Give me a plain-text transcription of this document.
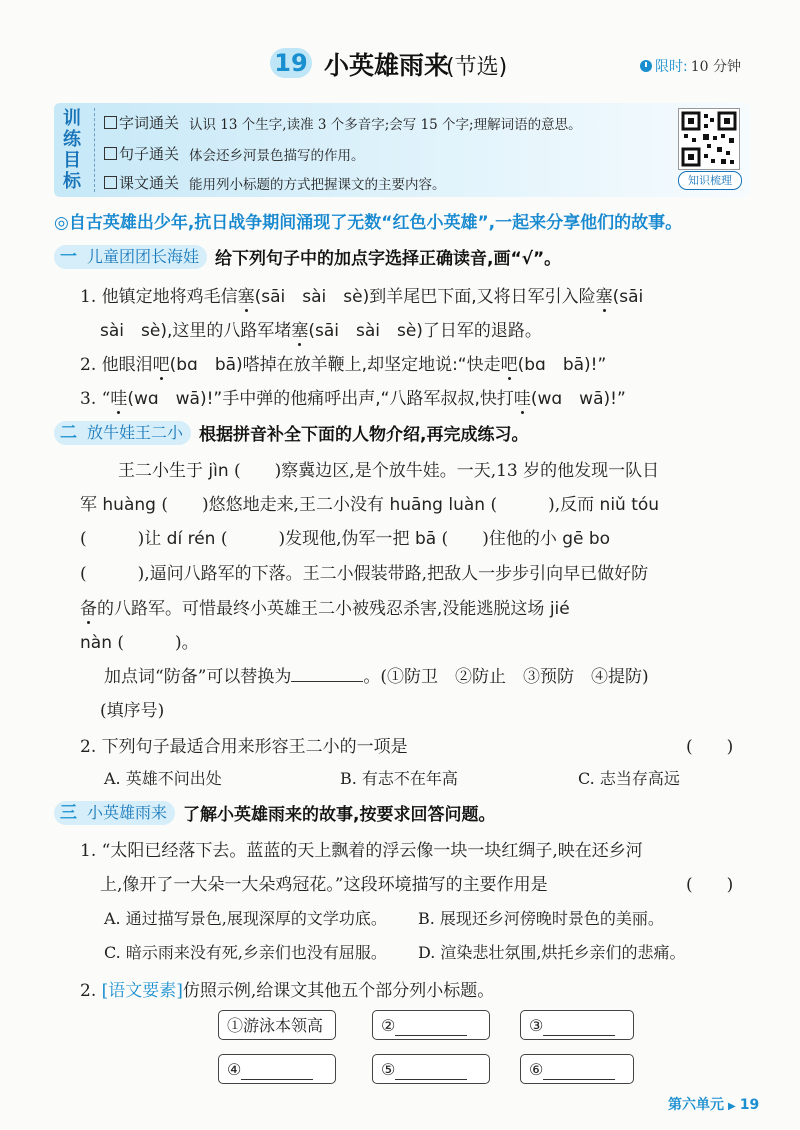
19 小英雄雨来
(节选)	限时: 10 分钟
训练目标
字词通关 认识 13 个生字,读准 3 个多音字;会写 15 个字;理解词语的意思。
句子通关 体会还乡河景色描写的作用。
课文通关 能用列小标题的方式把握课文的主要内容。	知识梳理
◎自古英雄出少年,抗日战争期间涌现了无数“红色小英雄”,一起来分享他们的故事。
一 儿童团团长海娃 给下列句子中的加点字选择正确读音,画“√”。
1. 他镇定地将鸡毛信塞(sāi　sài　sè)到羊尾巴下面,又将日军引入险塞(sāi
sài　sè),这里的八路军堵塞(sāi　sài　sè)了日军的退路。
2. 他眼泪吧(bɑ　bā)嗒掉在放羊鞭上,却坚定地说:“快走吧(bɑ　bā)!”
3. “哇(wɑ　wā)!”手中弹的他痛呼出声,“八路军叔叔,快打哇(wɑ　wā)!”
二 放牛娃王二小 根据拼音补全下面的人物介绍,再完成练习。
王二小生于 jìn (　　)察冀边区,是个放牛娃。一天,13 岁的他发现一队日
军 huàng (　　)悠悠地走来,王二小没有 huāng luàn (　　　),反而 niǔ tóu
(　　　)让 dí rén (　　　)发现他,伪军一把 bā (　　)住他的小 gē bo
(　　　),逼问八路军的下落。王二小假装带路,把敌人一步步引向早已做好防
备的八路军。可惜最终小英雄王二小被残忍杀害,没能逃脱这场 jié
nàn (　　　)。
加点词“防备”可以替换为	。(①防卫　②防止　③预防　④提防)
(填序号)
2. 下列句子最适合用来形容王二小的一项是	(　　)
A. 英雄不问出处	B. 有志不在年高	C. 志当存高远
三 小英雄雨来 了解小英雄雨来的故事,按要求回答问题。
1. “太阳已经落下去。蓝蓝的天上飘着的浮云像一块一块红绸子,映在还乡河
上,像开了一大朵一大朵鸡冠花。”这段环境描写的主要作用是	(　　)
A. 通过描写景色,展现深厚的文学功底。 B. 展现还乡河傍晚时景色的美丽。
C. 暗示雨来没有死,乡亲们也没有屈服。 D. 渲染悲壮氛围,烘托乡亲们的悲痛。
2. [语文要素]仿照示例,给课文其他五个部分列小标题。
①游泳本领高	②	③
④	⑤	⑥
第六单元 ▶ 19
